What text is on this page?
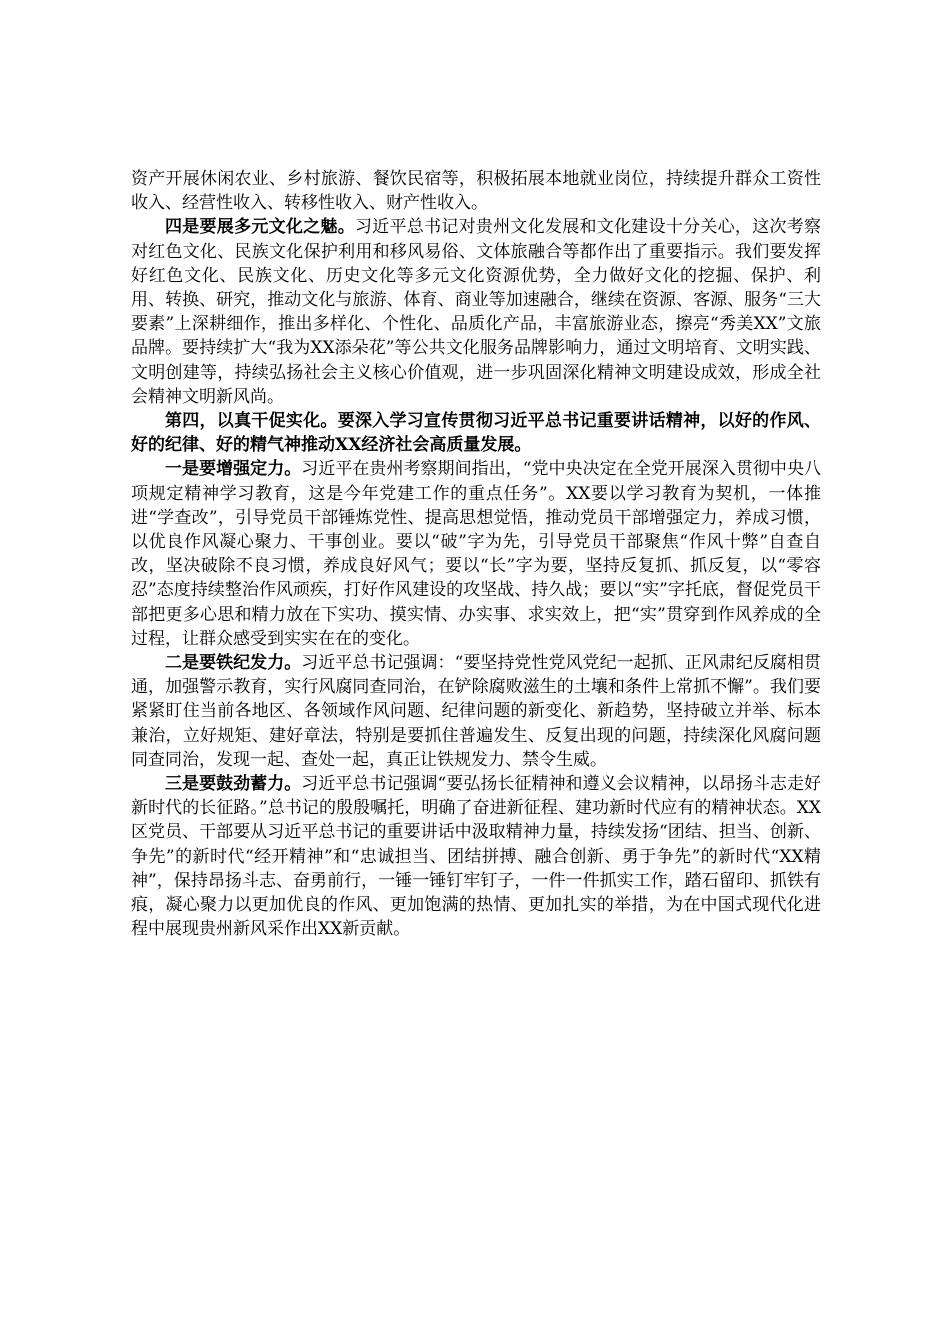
资产开展休闲农业、乡村旅游、餐饮民宿等，积极拓展本地就业岗位，持续提升群众工资性收入、经营性收入、转移性收入、财产性收入。

四是要展多元文化之魅。习近平总书记对贵州文化发展和文化建设十分关心，这次考察对红色文化、民族文化保护利用和移风易俗、文体旅融合等都作出了重要指示。我们要发挥好红色文化、民族文化、历史文化等多元文化资源优势，全力做好文化的挖掘、保护、利用、转换、研究，推动文化与旅游、体育、商业等加速融合，继续在资源、客源、服务“三大要素”上深耕细作，推出多样化、个性化、品质化产品，丰富旅游业态，擦亮“秀美XX”文旅品牌。要持续扩大“我为XX添朵花”等公共文化服务品牌影响力，通过文明培育、文明实践、文明创建等，持续弘扬社会主义核心价值观，进一步巩固深化精神文明建设成效，形成全社会精神文明新风尚。

第四，以真干促实化。要深入学习宣传贯彻习近平总书记重要讲话精神，以好的作风、好的纪律、好的精气神推动XX经济社会高质量发展。

一是要增强定力。习近平在贵州考察期间指出，“党中央决定在全党开展深入贯彻中央八项规定精神学习教育，这是今年党建工作的重点任务”。XX要以学习教育为契机，一体推进“学查改”，引导党员干部锤炼党性、提高思想觉悟，推动党员干部增强定力，养成习惯，以优良作风凝心聚力、干事创业。要以“破”字为先，引导党员干部聚焦“作风十弊”自查自改，坚决破除不良习惯，养成良好风气；要以“长”字为要，坚持反复抓、抓反复，以“零容忍”态度持续整治作风顽疾，打好作风建设的攻坚战、持久战；要以“实”字托底，督促党员干部把更多心思和精力放在下实功、摸实情、办实事、求实效上，把“实”贯穿到作风养成的全过程，让群众感受到实实在在的变化。

二是要铁纪发力。习近平总书记强调：“要坚持党性党风党纪一起抓、正风肃纪反腐相贯通，加强警示教育，实行风腐同查同治，在铲除腐败滋生的土壤和条件上常抓不懈”。我们要紧紧盯住当前各地区、各领域作风问题、纪律问题的新变化、新趋势，坚持破立并举、标本兼治，立好规矩、建好章法，特别是要抓住普遍发生、反复出现的问题，持续深化风腐问题同查同治，发现一起、查处一起，真正让铁规发力、禁令生威。

三是要鼓劲蓄力。习近平总书记强调“要弘扬长征精神和遵义会议精神，以昂扬斗志走好新时代的长征路。”总书记的殷殷嘱托，明确了奋进新征程、建功新时代应有的精神状态。XX区党员、干部要从习近平总书记的重要讲话中汲取精神力量，持续发扬“团结、担当、创新、争先”的新时代“经开精神”和“忠诚担当、团结拼搏、融合创新、勇于争先”的新时代“XX精神”，保持昂扬斗志、奋勇前行，一锤一锤钉牢钉子，一件一件抓实工作，踏石留印、抓铁有痕，凝心聚力以更加优良的作风、更加饱满的热情、更加扎实的举措，为在中国式现代化进程中展现贵州新风采作出XX新贡献。
